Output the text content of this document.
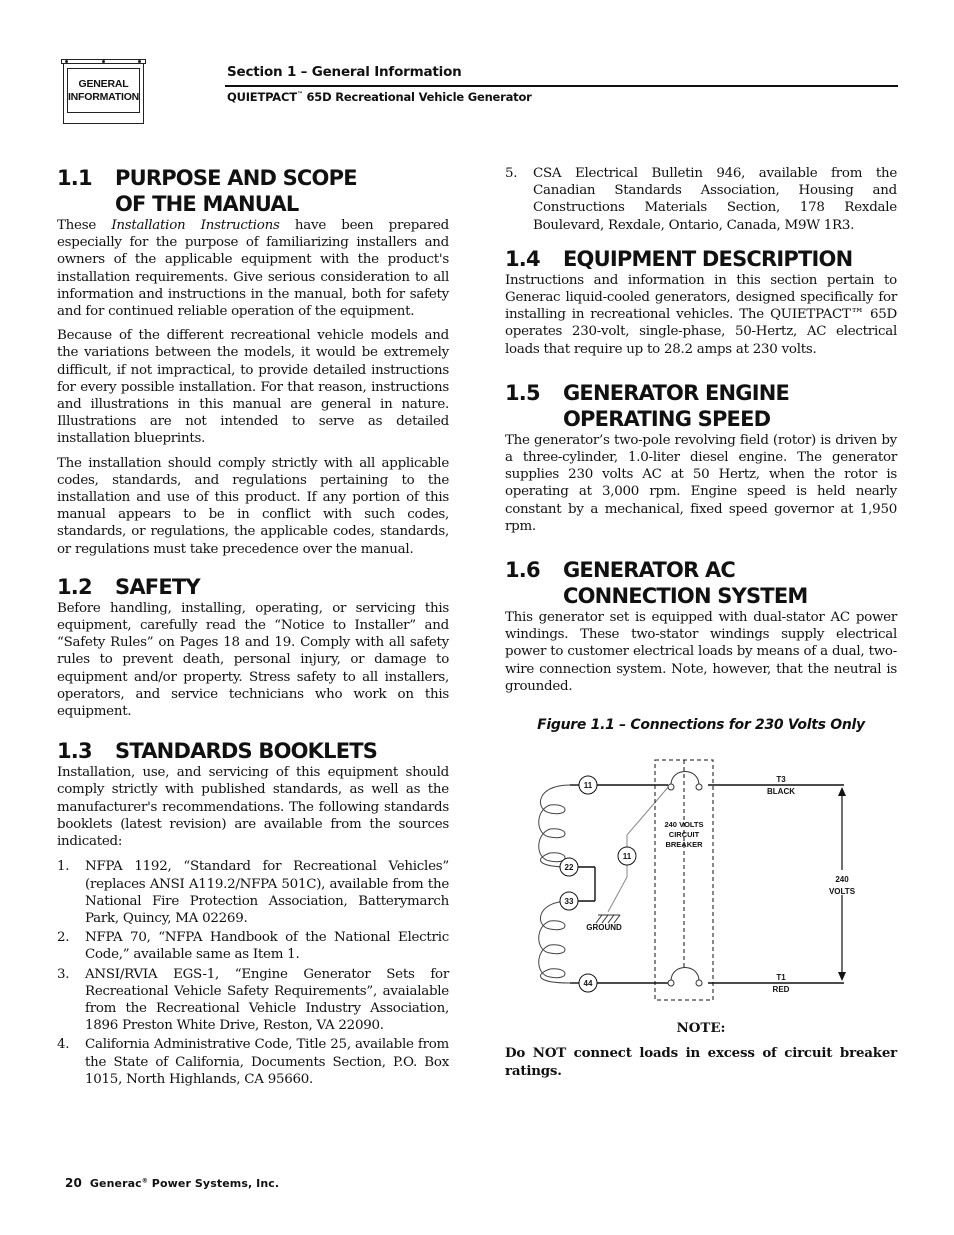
GENERAL
INFORMATION
Section 1 – General Information
QUIETPACT™ 65D Recreational Vehicle Generator
1.1	PURPOSE AND SCOPE
OF THE MANUAL

These Installation Instructions have been prepared especially for the purpose of familiarizing installers and owners of the applicable equipment with the product's installation requirements. Give serious consideration to all information and instructions in the manual, both for safety and for continued reliable operation of the equipment.

Because of the different recreational vehicle models and the variations between the models, it would be extremely difficult, if not impractical, to provide detailed instructions for every possible installation. For that reason, instructions and illustrations in this manual are general in nature. Illustrations are not intended to serve as detailed installation blueprints.

The installation should comply strictly with all applicable codes, standards, and regulations pertaining to the installation and use of this product. If any portion of this manual appears to be in conflict with such codes, standards, or regulations, the applicable codes, standards, or regulations must take precedence over the manual.

1.2	SAFETY

Before handling, installing, operating, or servicing this equipment, carefully read the “Notice to Installer” and “Safety Rules” on Pages 18 and 19. Comply with all safety rules to prevent death, personal injury, or damage to equipment and/or property. Stress safety to all installers, operators, and service technicians who work on this equipment.

1.3	STANDARDS BOOKLETS

Installation, use, and servicing of this equipment should comply strictly with published standards, as well as the manufacturer's recommendations. The following standards booklets (latest revision) are available from the sources indicated:

1.	NFPA 1192, “Standard for Recreational Vehicles” (replaces ANSI A119.2/NFPA 501C), available from the National Fire Protection Association, Batterymarch Park, Quincy, MA 02269.
2.	NFPA 70, “NFPA Handbook of the National Electric Code,” available same as Item 1.
3.	ANSI/RVIA EGS-1, “Engine Generator Sets for Recreational Vehicle Safety Requirements”, avaialable from the Recreational Vehicle Industry Association, 1896 Preston White Drive, Reston, VA 22090.
4.	California Administrative Code, Title 25, available from the State of California, Documents Section, P.O. Box 1015, North Highlands, CA 95660.
5.	CSA Electrical Bulletin 946, available from the Canadian Standards Association, Housing and Constructions Materials Section, 178 Rexdale Boulevard, Rexdale, Ontario, Canada, M9W 1R3.
1.4	EQUIPMENT DESCRIPTION

Instructions and information in this section pertain to Generac liquid-cooled generators, designed specifically for installing in recreational vehicles. The QUIETPACT™ 65D operates 230-volt, single-phase, 50-Hertz, AC electrical loads that require up to 28.2 amps at 230 volts.

1.5	GENERATOR ENGINE
OPERATING SPEED

The generator’s two-pole revolving field (rotor) is driven by a three-cylinder, 1.0-liter diesel engine. The generator supplies 230 volts AC at 50 Hertz, when the rotor is operating at 3,000 rpm. Engine speed is held nearly constant by a mechanical, fixed speed governor at 1,950 rpm.

1.6	GENERATOR AC
CONNECTION SYSTEM

This generator set is equipped with dual-stator AC power windings. These two-stator windings supply electrical power to customer electrical loads by means of a dual, two-wire connection system. Note, however, that the neutral is grounded.

Figure 1.1 – Connections for 230 Volts Only
GROUND
11
11
22
33
44
240 VOLTS
CIRCUIT
BREAKER
T3
BLACK
T1
RED
240
VOLTS
NOTE:
Do NOT connect loads in excess of circuit breaker ratings.
20 Generac® Power Systems, Inc.
